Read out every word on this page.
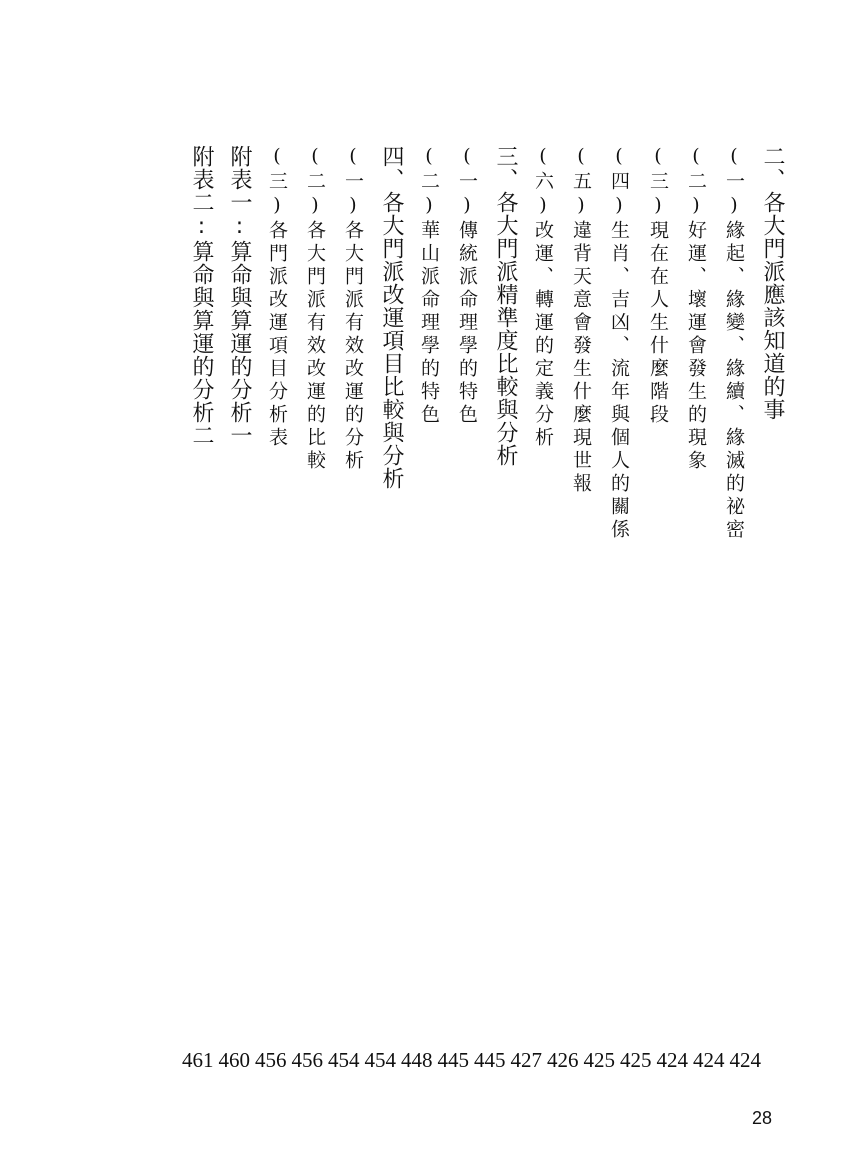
二、各大門派應該知道的事
(一)緣起、緣變、緣續、緣滅的祕密
(二)好運、壞運會發生的現象
(三)現在在人生什麼階段
(四)生肖、吉凶、流年與個人的關係
(五)違背天意會發生什麼現世報
(六)改運、轉運的定義分析
三、各大門派精準度比較與分析
(一)傳統派命理學的特色
(二)華山派命理學的特色
四、各大門派改運項目比較與分析
(一)各大門派有效改運的分析
(二)各大門派有效改運的比較
(三)各門派改運項目分析表
附表一:算命與算運的分析一
附表二:算命與算運的分析二
461 460 456 456 454 454 448 445 445 427 426 425 425 424 424 424
28
